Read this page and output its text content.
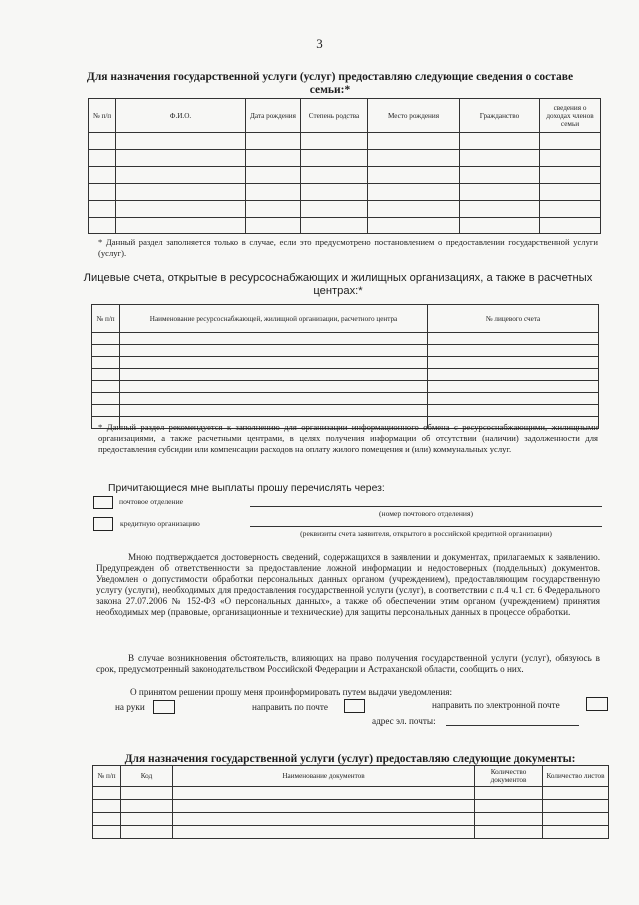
3
Для назначения государственной услуги (услуг) предоставляю следующие сведения о составе
семьи:*
№ п/п	Ф.И.О.	Дата рождения	Степень родства	Место рождения	Гражданство	сведения о доходах членов семьи

* Данный раздел заполняется только в случае, если это предусмотрено постановлением о предоставлении государственной услуги (услуг).
Лицевые счета, открытые в ресурсоснабжающих и жилищных организациях, а также в расчетных
центрах:*
№ п/п	Наименование ресурсоснабжающей, жилищной организации, расчетного центра	№ лицевого счета

* Данный раздел рекомендуется к заполнению для организации информационного обмена с ресурсоснабжающими, жилищными организациями, а также расчетными центрами, в целях получения информации об отсутствии (наличии) задолженности для предоставления субсидии или компенсации расходов на оплату жилого помещения и (или) коммунальных услуг.
Причитающиеся мне выплаты прошу перечислять через:
почтовое отделение
(номер почтового отделения)
кредитную организацию
(реквизиты счета заявителя, открытого в российской кредитной организации)
Мною подтверждается достоверность сведений, содержащихся в заявлении и документах, прилагаемых к заявлению. Предупрежден об ответственности за предоставление ложной информации и недостоверных (поддельных) документов. Уведомлен о допустимости обработки персональных данных органом (учреждением), предоставляющим государственную услугу (услуги), необходимых для предоставления государственной услуги (услуг), в соответствии с п.4 ч.1 ст. 6 Федерального закона 27.07.2006 № 152-ФЗ «О персональных данных», а также об обеспечении этим органом (учреждением) принятия необходимых мер (правовые, организационные и технические) для защиты персональных данных в процессе обработки.
В случае возникновения обстоятельств, влияющих на право получения государственной услуги (услуг), обязуюсь в срок, предусмотренный законодательством Российской Федерации и Астраханской области, сообщить о них.
О принятом решении прошу меня проинформировать путем выдачи уведомления:
на руки	направить по почте	направить по электронной почте
адрес эл. почты:
Для назначения государственной услуги (услуг) предоставляю следующие документы:
№ п/п	Код	Наименование документов	Количество документов	Количество листов
